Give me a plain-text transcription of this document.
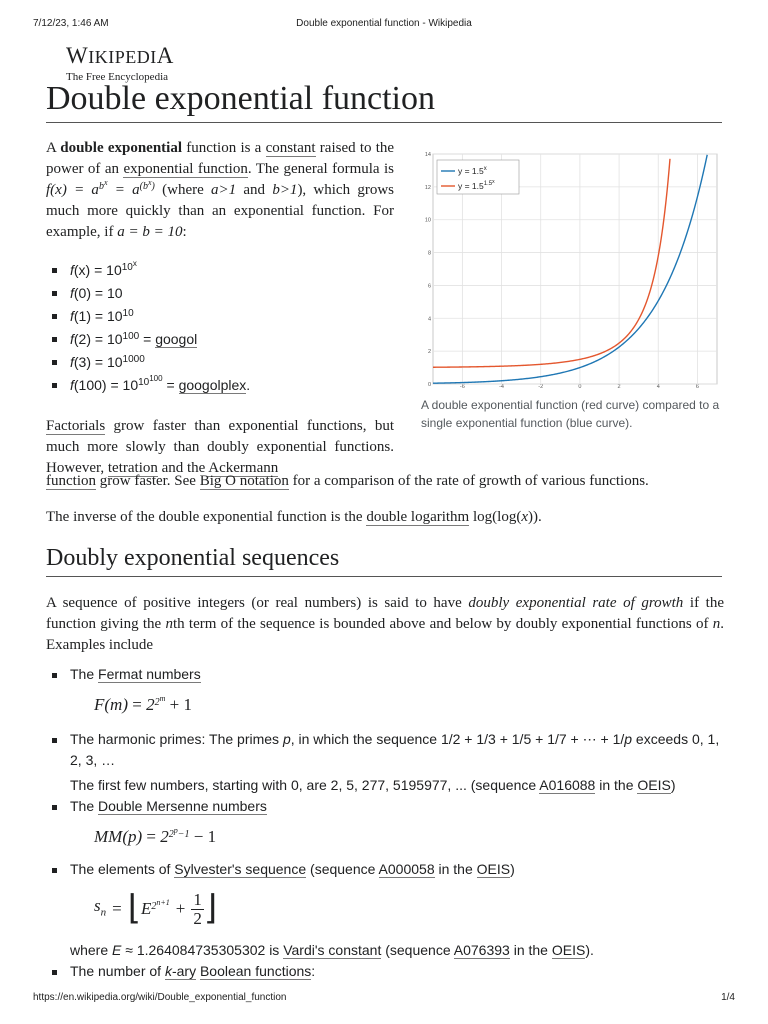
7/12/23, 1:46 AM	Double exponential function - Wikipedia
WIKIPEDIA
The Free Encyclopedia
Double exponential function
A double exponential function is a constant raised to the power of an exponential function. The general formula is $f(x) = a^{b^x} = a^{(b^x)}$ (where a>1 and b>1), which grows much more quickly than an exponential function. For example, if a = b = 10:
$f(x) = 10^{10^x}$
f(0) = 10
$f(1) = 10^{10}$
$f(2) = 10^{100}$ = googol
$f(3) = 10^{1000}$
$f(100) = 10^{10^{100}}$ = googolplex.	-6	-4	-2	0	2	4	6
0
2
4
6
8
10
12
14
$y = 1.5^x$
$y = 1.5^{1.5x}$
A double exponential function (red curve) compared to a single exponential function (blue curve).
Factorials grow faster than exponential functions, but much more slowly than doubly exponential functions. However, tetration and the Ackermann
function grow faster. See Big O notation for a comparison of the rate of growth of various functions.
The inverse of the double exponential function is the double logarithm log(log(x)).
Doubly exponential sequences
A sequence of positive integers (or real numbers) is said to have doubly exponential rate of growth if the function giving the nth term of the sequence is bounded above and below by doubly exponential functions of n. Examples include
The Fermat numbers
$F(m) = 2^{2^m} + 1$
The harmonic primes: The primes p, in which the sequence 1/2 + 1/3 + 1/5 + 1/7 + ⋯ + 1/p exceeds 0, 1, 2, 3, …
The first few numbers, starting with 0, are 2, 5, 277, 5195977, ... (sequence A016088 in the OEIS)
The Double Mersenne numbers
$MM(p) = 2^{2^p-1} - 1$
The elements of Sylvester's sequence (sequence A000058 in the OEIS)
$s_n$ = ⌊ $E^{2^{n+1}} + \frac{1}{2}$ ⌋
where E ≈ 1.264084735305302 is Vardi's constant (sequence A076393 in the OEIS).
The number of k-ary Boolean functions:
https://en.wikipedia.org/wiki/Double_exponential_function	1/4
